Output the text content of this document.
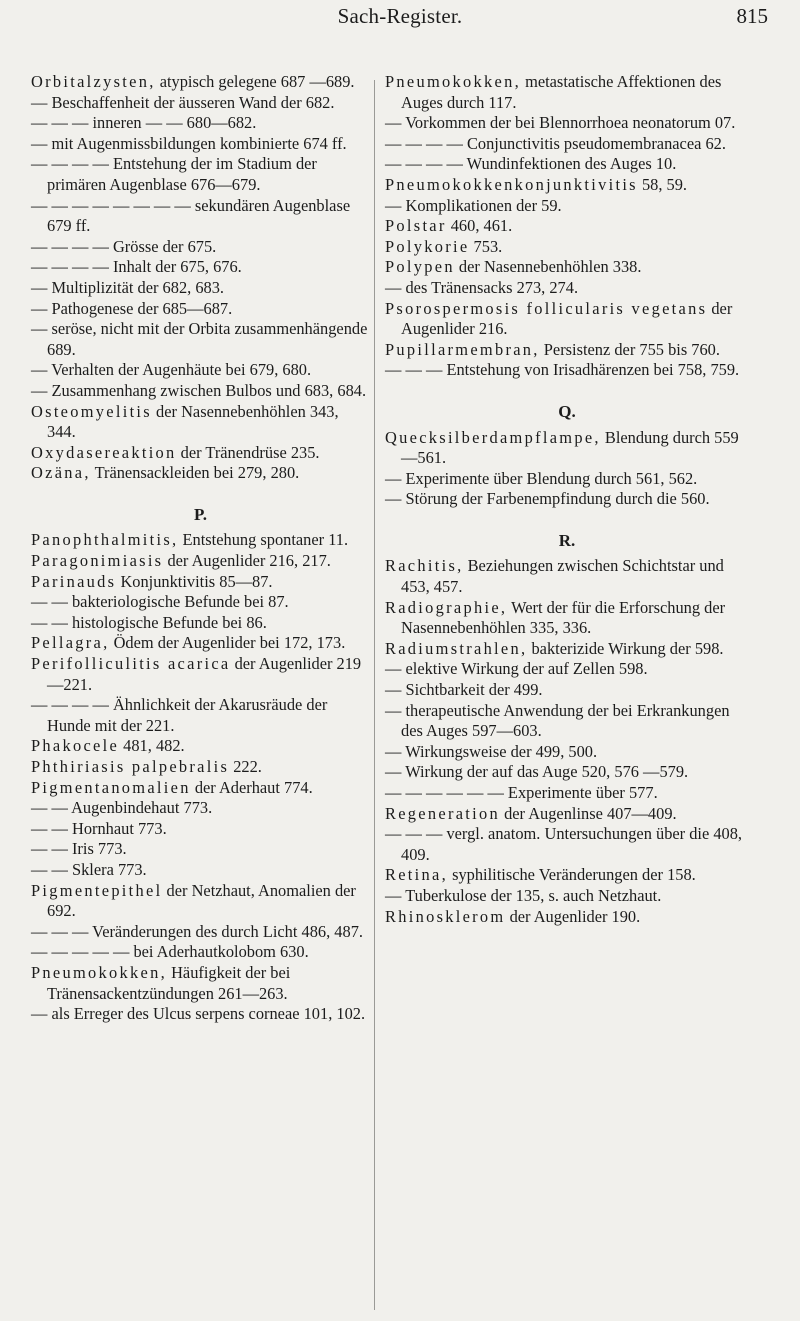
Sach-Register.	815

Orbitalzysten, atypisch gelegene 687 —689.

— Beschaffenheit der äusseren Wand der 682.

— — — inneren — — 680—682.

— mit Augenmissbildungen kombinierte 674 ff.

— — — — Entstehung der im Stadium der primären Augenblase 676—679.

— — — — — — — — sekundären Augenblase 679 ff.

— — — — Grösse der 675.

— — — — Inhalt der 675, 676.

— Multiplizität der 682, 683.

— Pathogenese der 685—687.

— seröse, nicht mit der Orbita zusammenhängende 689.

— Verhalten der Augenhäute bei 679, 680.

— Zusammenhang zwischen Bulbos und 683, 684.

Osteomyelitis der Nasennebenhöhlen 343, 344.

Oxydasereaktion der Tränendrüse 235.

Ozäna, Tränensackleiden bei 279, 280.

P.

Panophthalmitis, Entstehung spontaner 11.

Paragonimiasis der Augenlider 216, 217.

Parinauds Konjunktivitis 85—87.

— — bakteriologische Befunde bei 87.

— — histologische Befunde bei 86.

Pellagra, Ödem der Augenlider bei 172, 173.

Perifolliculitis acarica der Augenlider 219—221.

— — — — Ähnlichkeit der Akarusräude der Hunde mit der 221.

Phakocele 481, 482.

Phthiriasis palpebralis 222.

Pigmentanomalien der Aderhaut 774.

— — Augenbindehaut 773.

— — Hornhaut 773.

— — Iris 773.

— — Sklera 773.

Pigmentepithel der Netzhaut, Anomalien der 692.

— — — Veränderungen des durch Licht 486, 487.

— — — — — bei Aderhautkolobom 630.

Pneumokokken, Häufigkeit der bei Tränensackentzündungen 261—263.

— als Erreger des Ulcus serpens corneae 101, 102.

Pneumokokken, metastatische Affektionen des Auges durch 117.

— Vorkommen der bei Blennorrhoea neonatorum 07.

— — — — Conjunctivitis pseudomembranacea 62.

— — — — Wundinfektionen des Auges 10.

Pneumokokkenkonjunktivitis 58, 59.

— Komplikationen der 59.

Polstar 460, 461.

Polykorie 753.

Polypen der Nasennebenhöhlen 338.

— des Tränensacks 273, 274.

Psorospermosis follicularis vegetans der Augenlider 216.

Pupillarmembran, Persistenz der 755 bis 760.

— — — Entstehung von Irisadhärenzen bei 758, 759.

Q.

Quecksilberdampflampe, Blendung durch 559—561.

— Experimente über Blendung durch 561, 562.

— Störung der Farbenempfindung durch die 560.

R.

Rachitis, Beziehungen zwischen Schichtstar und 453, 457.

Radiographie, Wert der für die Erforschung der Nasennebenhöhlen 335, 336.

Radiumstrahlen, bakterizide Wirkung der 598.

— elektive Wirkung der auf Zellen 598.

— Sichtbarkeit der 499.

— therapeutische Anwendung der bei Erkrankungen des Auges 597—603.

— Wirkungsweise der 499, 500.

— Wirkung der auf das Auge 520, 576 —579.

— — — — — — Experimente über 577.

Regeneration der Augenlinse 407—409.

— — — vergl. anatom. Untersuchungen über die 408, 409.

Retina, syphilitische Veränderungen der 158.

— Tuberkulose der 135, s. auch Netzhaut.

Rhinosklerom der Augenlider 190.
